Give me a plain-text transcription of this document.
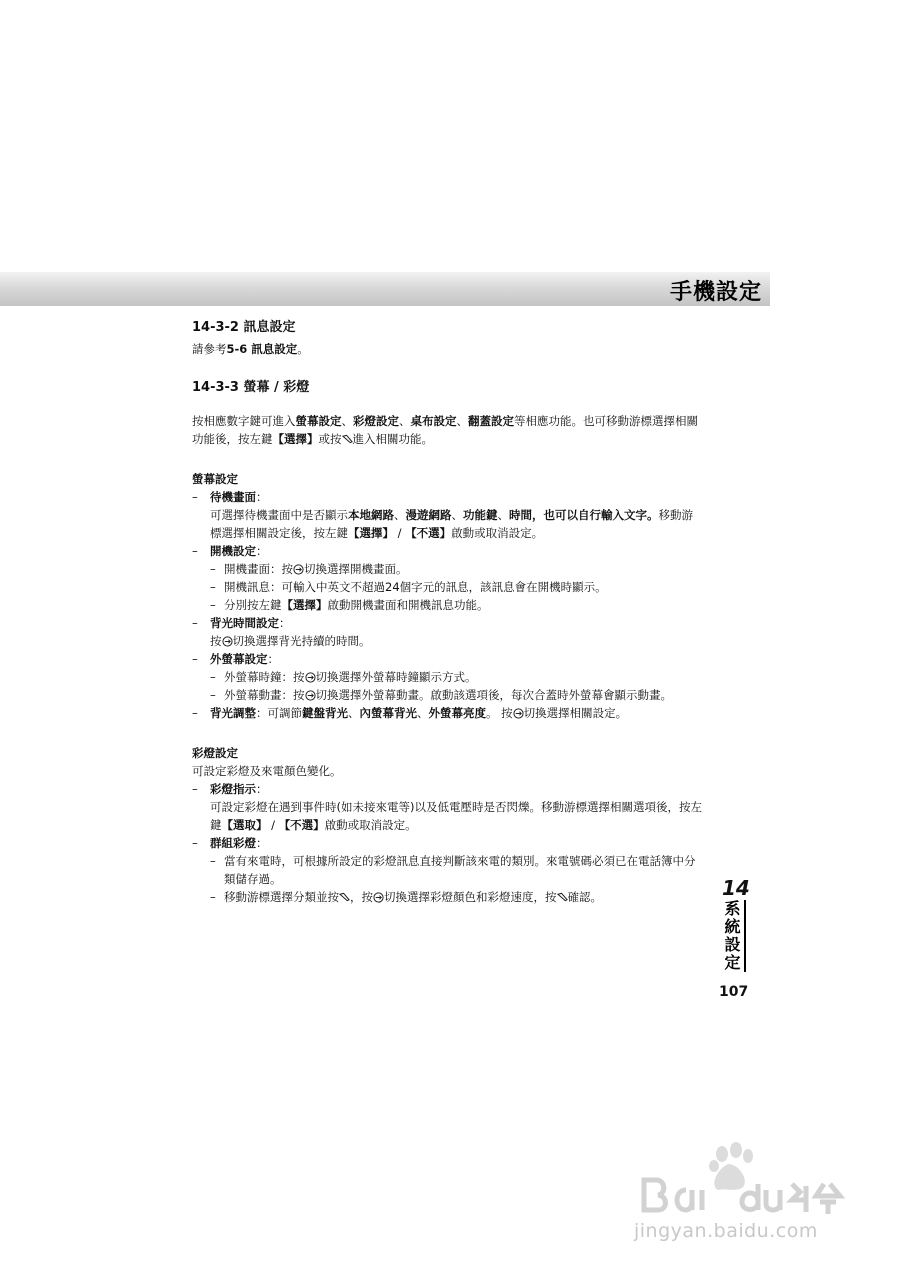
手機設定

14-3-2 訊息設定

請參考5-6 訊息設定。

14-3-3 螢幕 / 彩燈

按相應數字鍵可進入螢幕設定、彩燈設定、桌布設定、翻蓋設定等相應功能。也可移動游標選擇相關

功能後，按左鍵【選擇】或按 進入相關功能。

螢幕設定

– 待機畫面：

可選擇待機畫面中是否顯示本地網路、漫遊網路、功能鍵、時間，也可以自行輸入文字。移動游

標選擇相關設定後，按左鍵【選擇】 / 【不選】啟動或取消設定。

– 開機設定：

– 開機畫面：按 切換選擇開機畫面。

– 開機訊息：可輸入中英文不超過24個字元的訊息，該訊息會在開機時顯示。

– 分別按左鍵【選擇】啟動開機畫面和開機訊息功能。

– 背光時間設定：

按 切換選擇背光持續的時間。

– 外螢幕設定：

– 外螢幕時鐘：按 切換選擇外螢幕時鐘顯示方式。

– 外螢幕動畫：按 切換選擇外螢幕動畫。啟動該選項後，每次合蓋時外螢幕會顯示動畫。

– 背光調整：可調節鍵盤背光、內螢幕背光、外螢幕亮度。 按 切換選擇相關設定。

彩燈設定

可設定彩燈及來電顏色變化。

– 彩燈指示：

可設定彩燈在遇到事件時(如未接來電等)以及低電壓時是否閃爍。移動游標選擇相關選項後，按左

鍵【選取】 / 【不選】啟動或取消設定。

– 群組彩燈：

– 當有來電時，可根據所設定的彩燈訊息直接判斷該來電的類別。來電號碼必須已在電話簿中分

類儲存過。

– 移動游標選擇分類並按 ，按 切換選擇彩燈顏色和彩燈速度，按 確認。	14
系
統
設
定
107
jingyan.baidu.com
